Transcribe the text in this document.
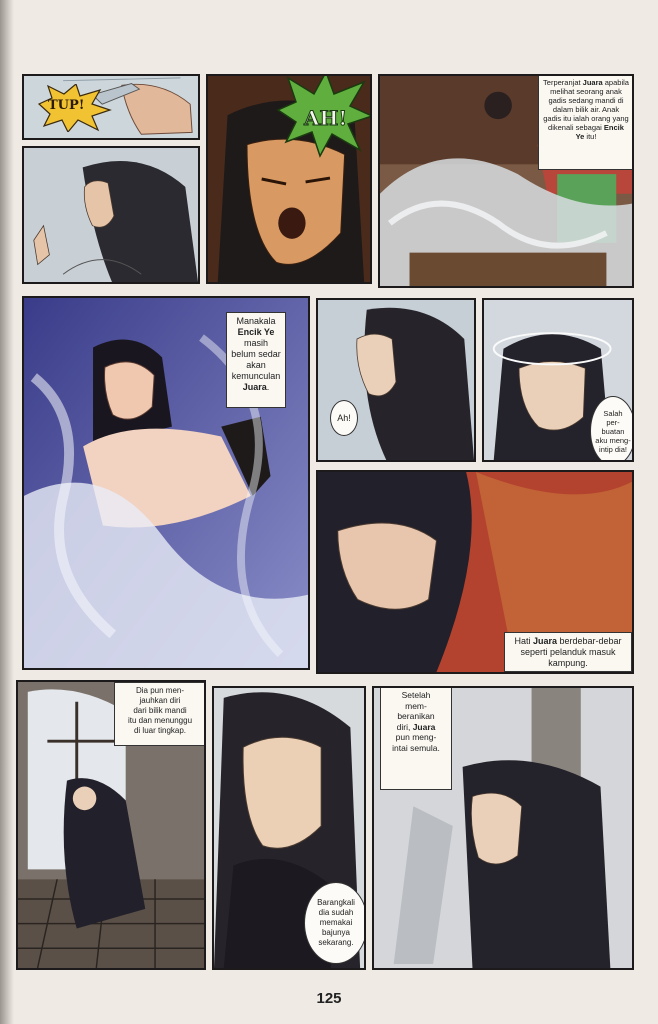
TUP!
AH!
Terperanjat Juara apabila melihat seorang anak gadis sedang mandi di dalam bilik air. Anak gadis itu ialah orang yang dikenali sebagai Encik Ye itu!
Manakala Encik Ye masih belum sedar akan kemunculan Juara.
Ah!	Salah
per-
buatan
aku meng-
intip dia!
Hati Juara berdebar-debar seperti pelanduk masuk kampung.
Dia pun men-
jauhkan diri
dari bilik mandi
itu dan menunggu
di luar tingkap.
Barangkali
dia sudah
memakai
bajunya
sekarang.
Setelah
mem-
beranikan
diri, Juara
pun meng-
intai semula.
125
